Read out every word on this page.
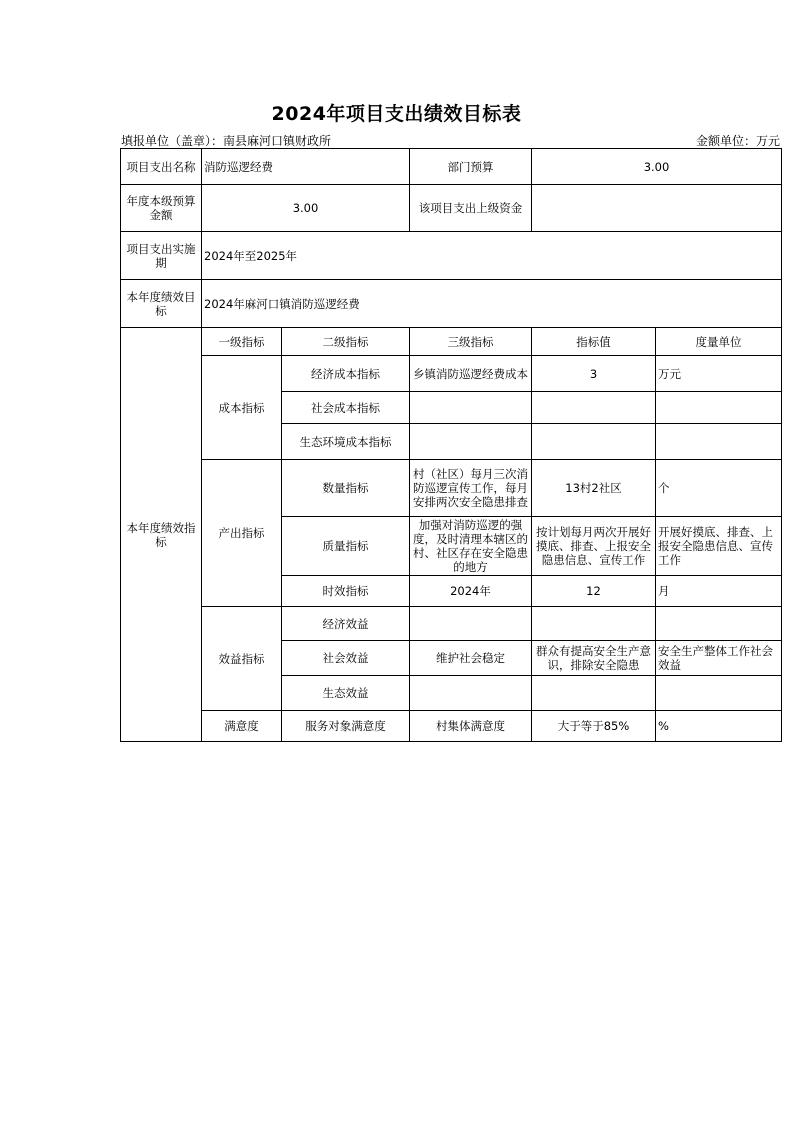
2024年项目支出绩效目标表
填报单位（盖章）：南县麻河口镇财政所	金额单位：万元
项目支出名称	消防巡逻经费		部门预算	3.00	
年度本级预算金额	3.00		该项目支出上级资金		
项目支出实施期	2024年至2025年				
本年度绩效目标	2024年麻河口镇消防巡逻经费				
本年度绩效指标	一级指标	二级指标	三级指标	指标值	度量单位
	成本指标	经济成本指标	乡镇消防巡逻经费成本	3	万元
		社会成本指标			
		生态环境成本指标			
	产出指标	数量指标	村（社区）每月三次消防巡逻宣传工作，每月安排两次安全隐患排查	13村2社区	个
		质量指标	加强对消防巡逻的强度，及时清理本辖区的村、社区存在安全隐患的地方	按计划每月两次开展好摸底、排查、上报安全隐患信息、宣传工作	开展好摸底、排查、上报安全隐患信息、宣传工作
		时效指标	2024年	12	月
	效益指标	经济效益			
		社会效益	维护社会稳定	群众有提高安全生产意识，排除安全隐患	安全生产整体工作社会效益
		生态效益			
	满意度	服务对象满意度	村集体满意度	大于等于85%	%
